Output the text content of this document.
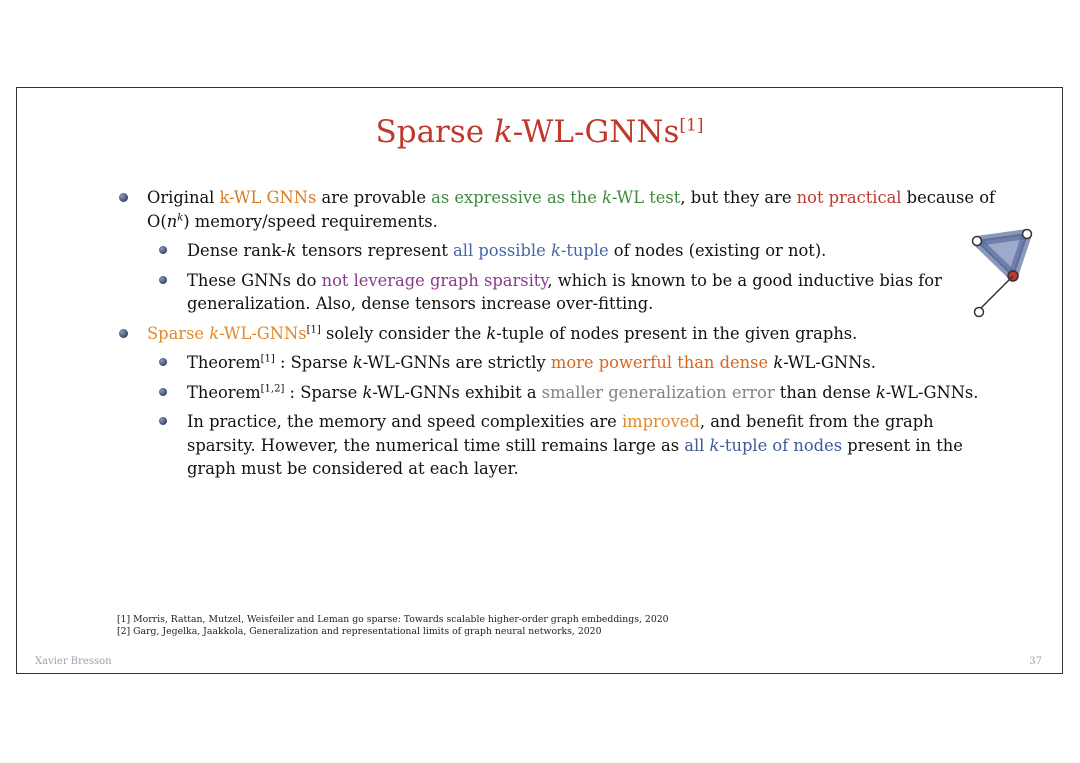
Sparse k-WL-GNNs[1]
Original k-WL GNNs are provable as expressive as the k-WL test, but they are not practical because of $O(n^k)$ memory/speed requirements.
Dense rank-k tensors represent all possible k-tuple of nodes (existing or not).
These GNNs do not leverage graph sparsity, which is known to be a good inductive bias for generalization. Also, dense tensors increase over-fitting.
Sparse k-WL-GNNs[1] solely consider the k-tuple of nodes present in the given graphs.
Theorem[1] : Sparse k-WL-GNNs are strictly more powerful than dense k-WL-GNNs.
Theorem[1,2] : Sparse k-WL-GNNs exhibit a smaller generalization error than dense k-WL-GNNs.
In practice, the memory and speed complexities are improved, and benefit from the graph sparsity. However, the numerical time still remains large as all k-tuple of nodes present in the graph must be considered at each layer.
[1] Morris, Rattan, Mutzel, Weisfeiler and Leman go sparse: Towards scalable higher-order graph embeddings, 2020
[2] Garg, Jegelka, Jaakkola, Generalization and representational limits of graph neural networks, 2020
Xavier Bresson	37
